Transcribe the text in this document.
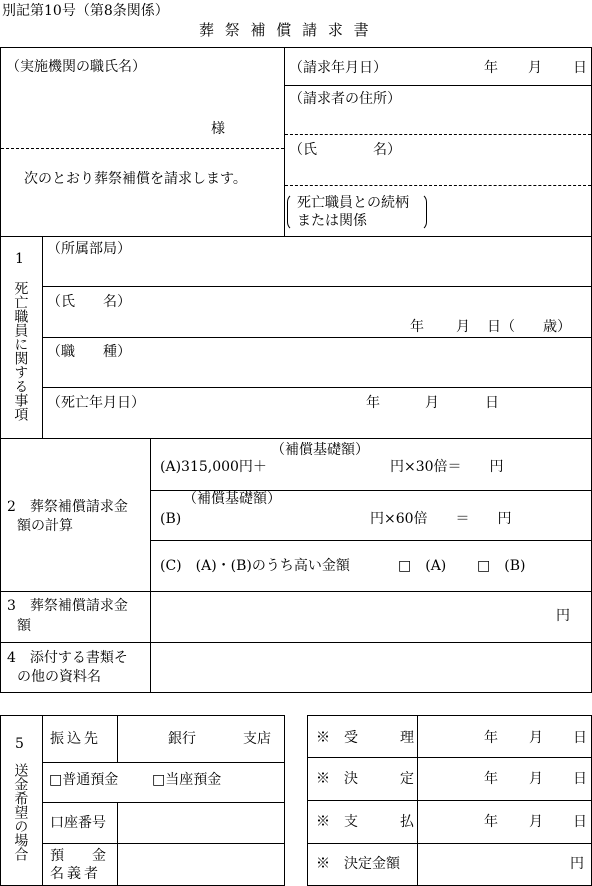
別記第10号（第8条関係）
葬 祭 補 償 請 求 書
（実施機関の職氏名）
様
次のとおり葬祭補償を請求します。
（請求年月日）	年 月 日
（請求者の住所）
（氏　　　　名）
死亡職員との続柄
または関係
1
死亡職員に関する事項
（所属部局）
（氏　　名）
年 月 日（　　歳）
（職　　種）
（死亡年月日）	年	月	日
2　葬祭補償請求金
額の計算
（補償基礎額）
(A)315,000円＋	円×30倍＝　　円
（補償基礎額）
(B)	円×60倍　　＝　　円
(C)　(A)・(B)のうち高い金額	□　(A) □　(B)
3　葬祭補償請求金
額
円
4　添付する書類そ
の他の資料名
5
送金希望の場合
振込先	銀行	支店
□普通預金 □当座預金
口座番号
預　　金
名義者
※　受　　　理	年 月 日
※　決　　　定	年 月 日
※　支　　　払	年 月 日
※　決定金額	円
